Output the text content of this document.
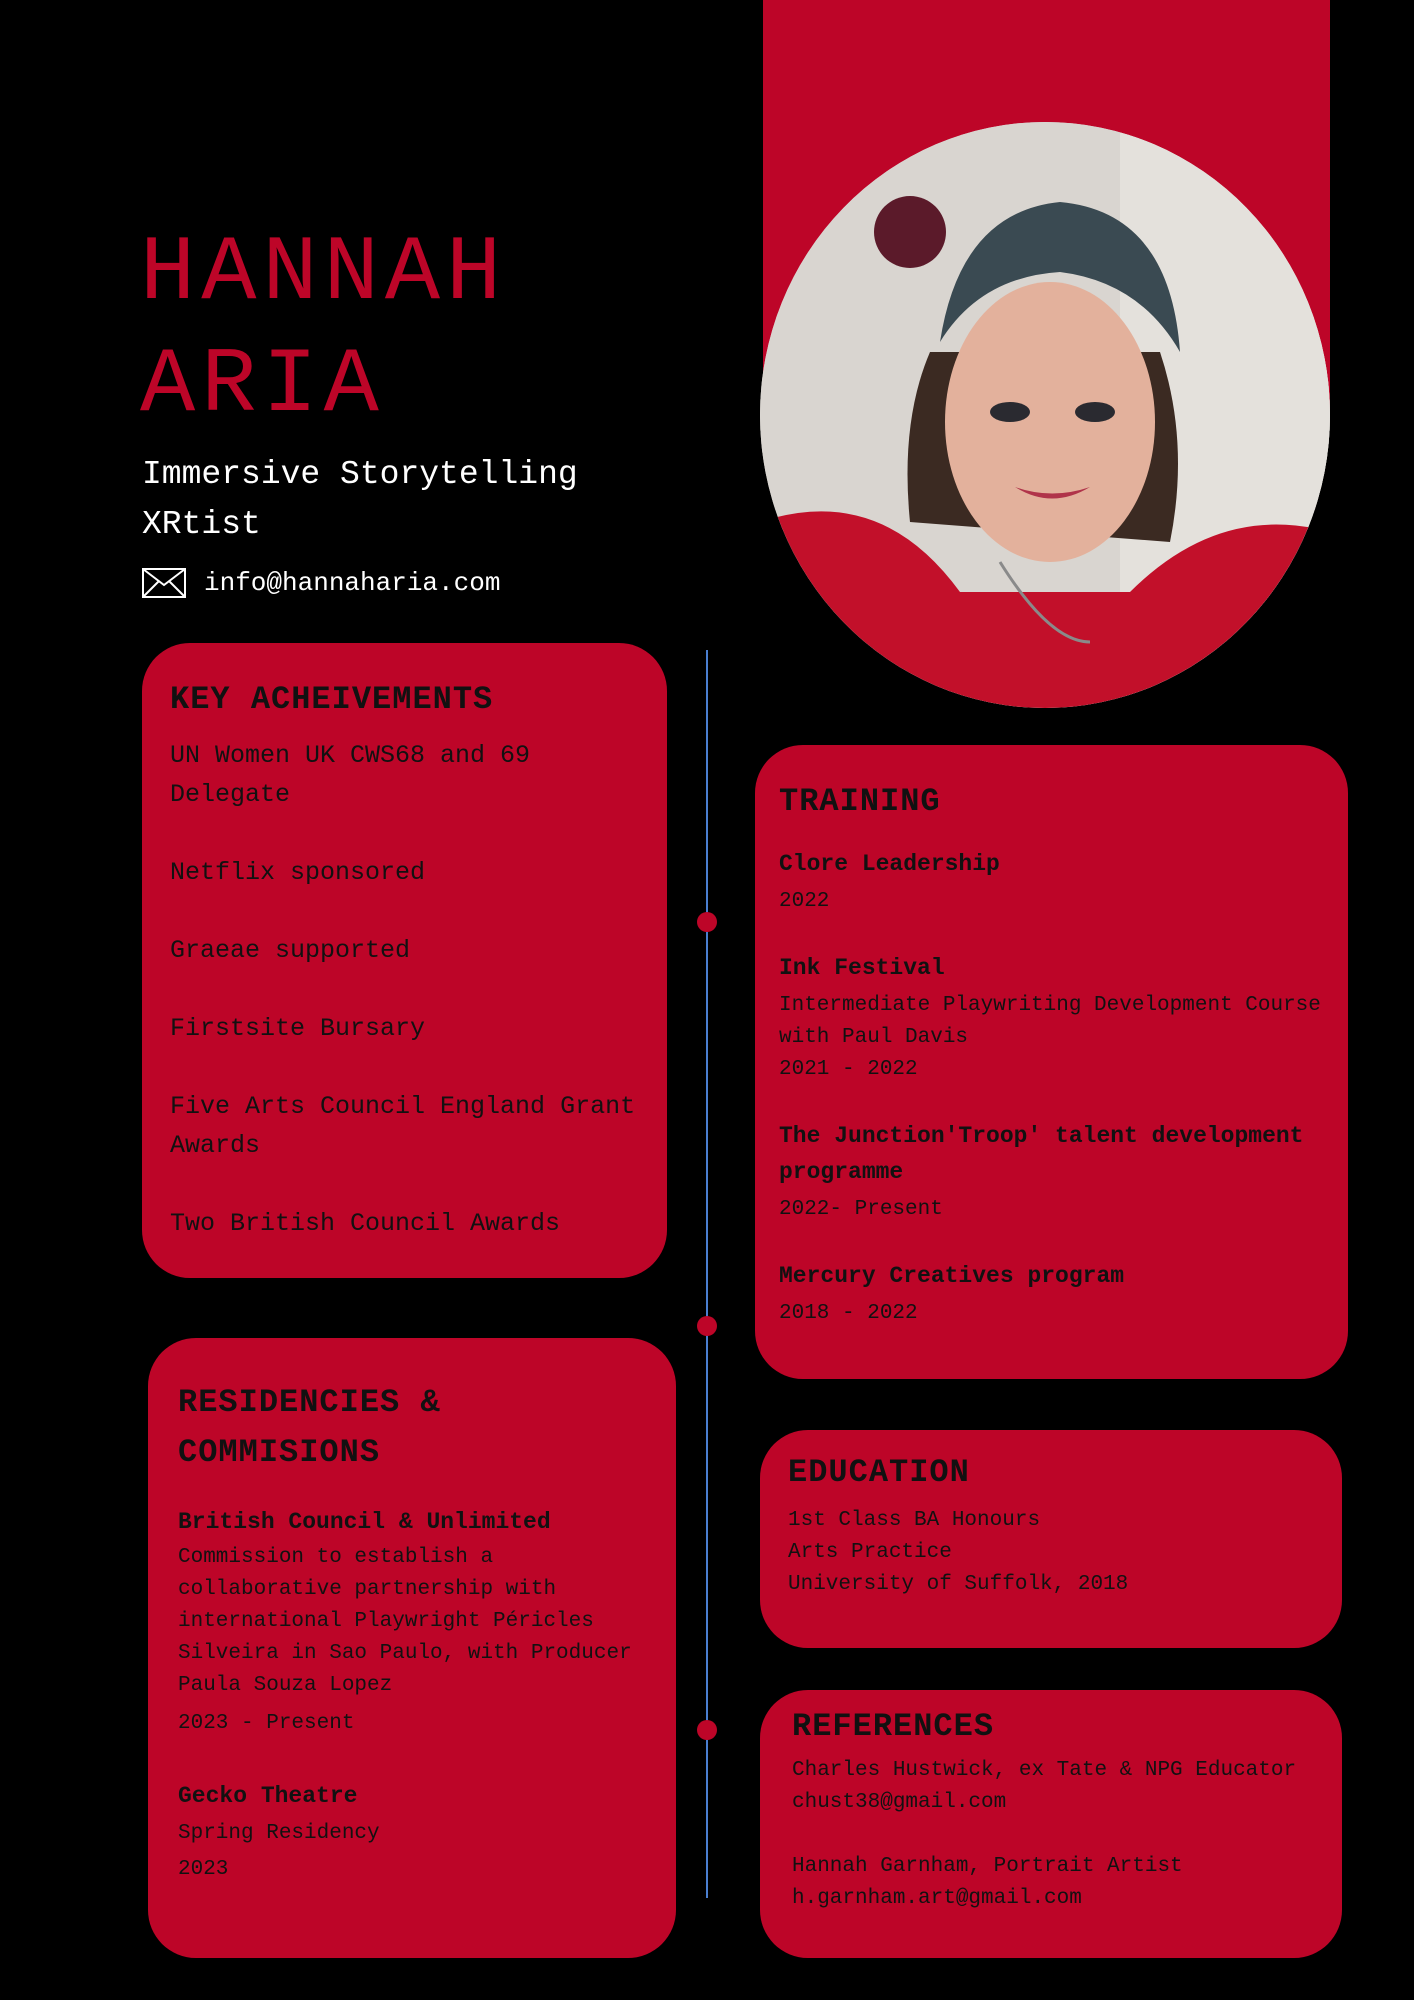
HANNAH
ARIA

Immersive Storytelling XRtist

info@hannaharia.com
KEY ACHEIVEMENTS
UN Women UK CWS68 and 69 Delegate
Netflix sponsored
Graeae supported
Firstsite Bursary
Five Arts Council England Grant Awards
Two British Council Awards
TRAINING
Clore Leadership
2022
Ink Festival
Intermediate Playwriting Development Course with Paul Davis
2021 - 2022
The Junction'Troop' talent development programme
2022- Present
Mercury Creatives program
2018 - 2022
EDUCATION
1st Class BA Honours
Arts Practice
University of Suffolk, 2018
REFERENCES
Charles Hustwick, ex Tate & NPG Educator
chust38@gmail.com
Hannah Garnham, Portrait Artist
h.garnham.art@gmail.com
RESIDENCIES & COMMISIONS
British Council & Unlimited
Commission to establish a collaborative partnership with international Playwright Péricles Silveira in Sao Paulo, with Producer Paula Souza Lopez
2023 - Present
Gecko Theatre
Spring Residency
2023
